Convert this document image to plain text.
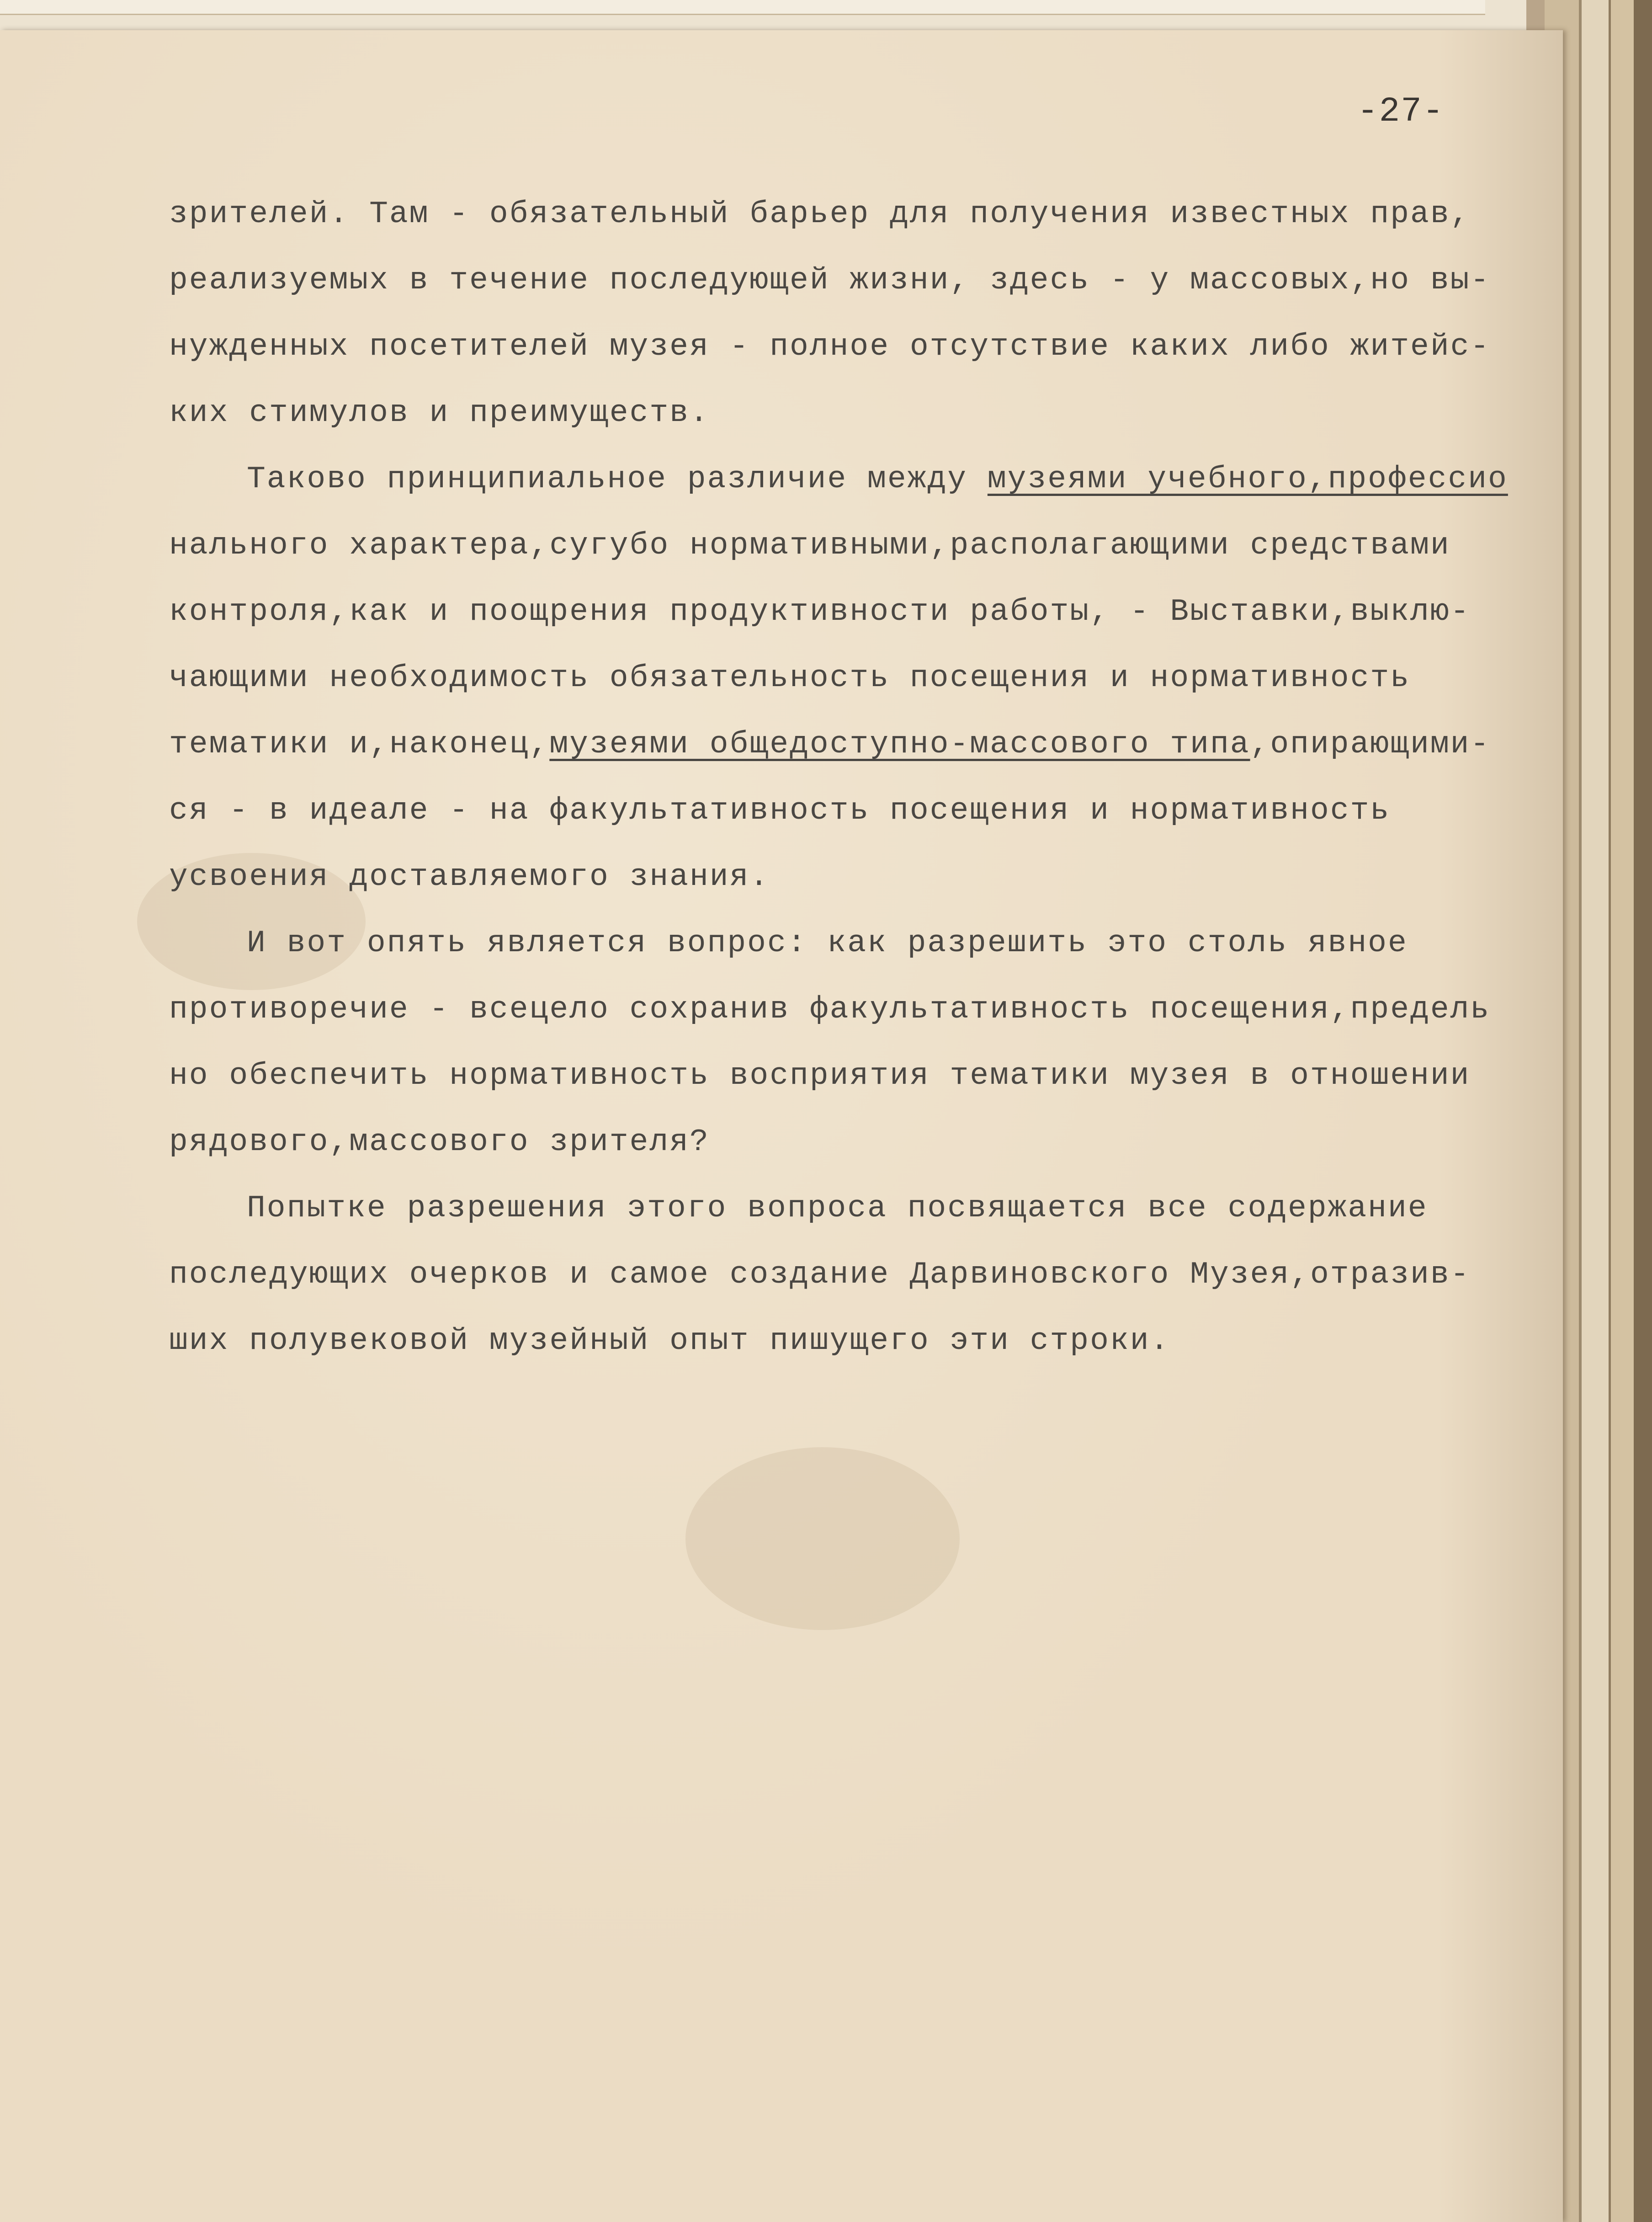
-27-
зрителей. Там - обязательный барьер для получения известных прав,
реализуемых в течение последующей жизни, здесь - у массовых,но вы-
нужденных посетителей музея - полное отсутствие каких либо житейс-
ких стимулов и преимуществ.
Таково принципиальное различие между музеями учебного,профессио
нального характера,сугубо нормативными,располагающими средствами
контроля,как и поощрения продуктивности работы, - Выставки,выклю-
чающими необходимость обязательность посещения и нормативность
тематики и,наконец,музеями общедоступно-массового типа,опирающими-
ся - в идеале - на факультативность посещения и нормативность
усвоения доставляемого знания.
И вот опять является вопрос: как разрешить это столь явное
противоречие - всецело сохранив факультативность посещения,предель
но обеспечить нормативность восприятия тематики музея в отношении
рядового,массового зрителя?
Попытке разрешения этого вопроса посвящается все содержание
последующих очерков и самое создание Дарвиновского Музея,отразив-
ших полувековой музейный опыт пишущего эти строки.
